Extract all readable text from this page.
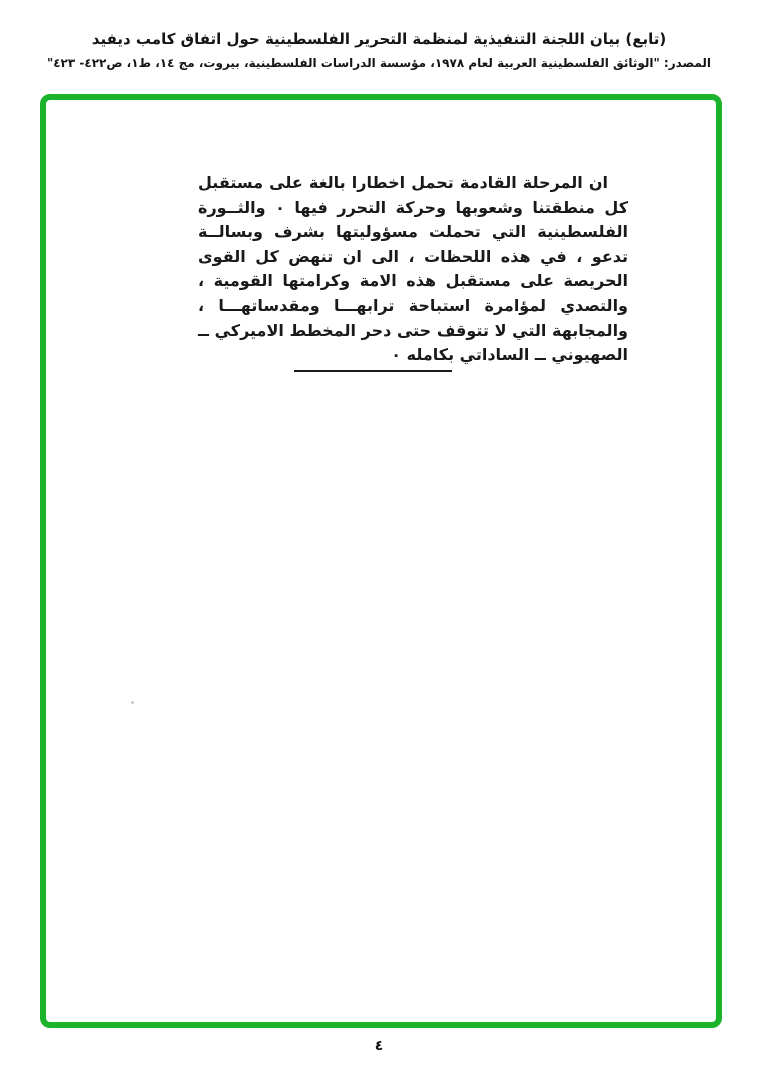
(تابع) بيان اللجنة التنفيذية لمنظمة التحرير الفلسطينية حول اتفاق كامب ديفيد
المصدر: "الوثائق الفلسطينية العربية لعام ١٩٧٨، مؤسسة الدراسات الفلسطينية، بيروت، مج ١٤، ط١، ص٤٢٢- ٤٢٣"
ان المرحلة القادمة تحمل اخطارا بالغة على مستقبل
كل منطقتنا وشعوبها وحركة التحرر فيها ٠ والثــورة
الفلسطينية التي تحملت مسؤوليتها بشرف وبسالــة
تدعو ، في هذه اللحظات ، الى ان تنهض كل القوى
الحريصة على مستقبل هذه الامة وكرامتها القومية ،
والتصدي لمؤامرة استباحة ترابهـــا ومقدساتهـــا ،
والمجابهة التي لا تتوقف حتى دحر المخطط الاميركي ــ
الصهيوني ــ الساداتي بكامله ٠
٤
